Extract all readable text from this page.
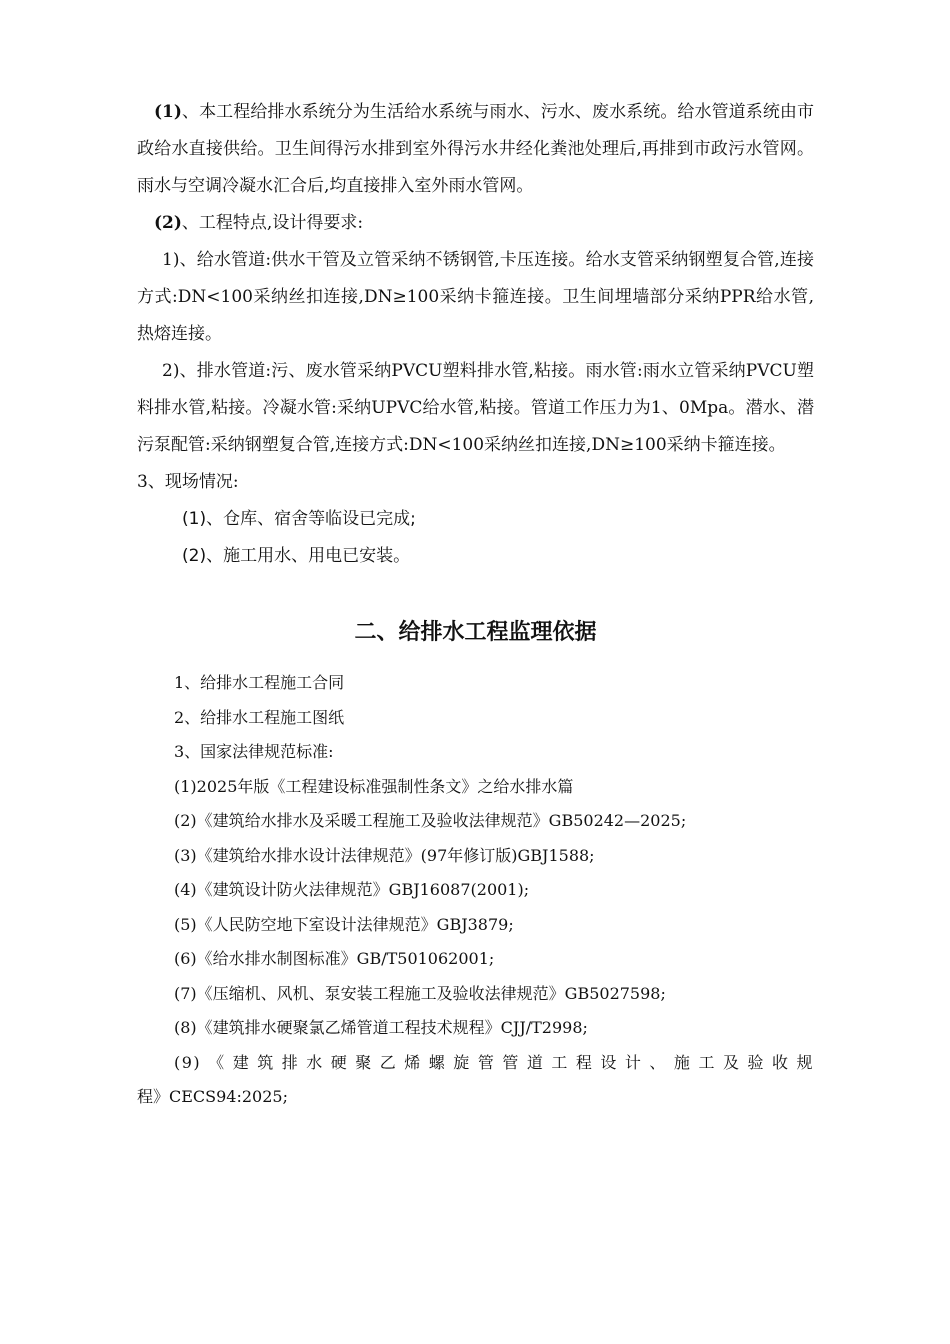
(1)、本工程给排水系统分为生活给水系统与雨水、污水、废水系统。给水管道系统由市政给水直接供给。卫生间得污水排到室外得污水井经化粪池处理后,再排到市政污水管网。雨水与空调冷凝水汇合后,均直接排入室外雨水管网。

(2)、工程特点,设计得要求:

1)、给水管道:供水干管及立管采纳不锈钢管,卡压连接。给水支管采纳钢塑复合管,连接方式:DN<100采纳丝扣连接,DN≥100采纳卡箍连接。卫生间埋墙部分采纳PPR给水管,热熔连接。

2)、排水管道:污、废水管采纳PVCU塑料排水管,粘接。雨水管:雨水立管采纳PVCU塑料排水管,粘接。冷凝水管:采纳UPVC给水管,粘接。管道工作压力为1、0Mpa。潜水、潜污泵配管:采纳钢塑复合管,连接方式:DN<100采纳丝扣连接,DN≥100采纳卡箍连接。

3、现场情况:

(1)、仓库、宿舍等临设已完成;

(2)、施工用水、用电已安装。

二、给排水工程监理依据

1、给排水工程施工合同

2、给排水工程施工图纸

3、国家法律规范标准:

(1)2025年版《工程建设标准强制性条文》之给水排水篇

(2)《建筑给水排水及采暖工程施工及验收法律规范》GB50242—2025;

(3)《建筑给水排水设计法律规范》(97年修订版)GBJ1588;

(4)《建筑设计防火法律规范》GBJ16087(2001);

(5)《人民防空地下室设计法律规范》GBJ3879;

(6)《给水排水制图标准》GB/T501062001;

(7)《压缩机、风机、泵安装工程施工及验收法律规范》GB5027598;

(8)《建筑排水硬聚氯乙烯管道工程技术规程》CJJ/T2998;

(9)《建筑排水硬聚乙烯螺旋管管道工程设计、施工及验收规

程》CECS94:2025;
